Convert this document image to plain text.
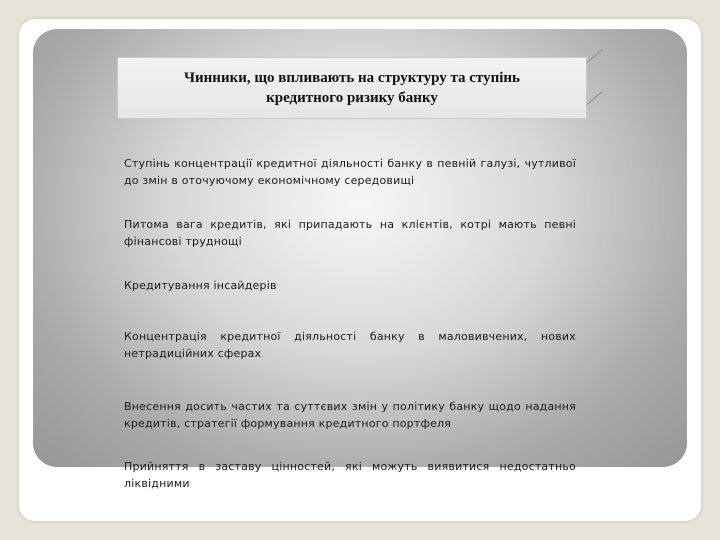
Чинники, що впливають на структуру та ступінь
кредитного ризику банку
Ступінь концентрації кредитної діяльності банку в певній галузі, чутливої до змін в оточуючому економічному середовищі
Питома вага кредитів, які припадають на клієнтів, котрі мають певні фінансові труднощі
Кредитування інсайдерів
Концентрація кредитної діяльності банку в маловивчених, нових нетрадиційних сферах
Внесення досить частих та суттєвих змін у політику банку щодо надання кредитів, стратегії формування кредитного портфеля
Прийняття в заставу цінностей, які можуть виявитися недостатньо ліквідними
